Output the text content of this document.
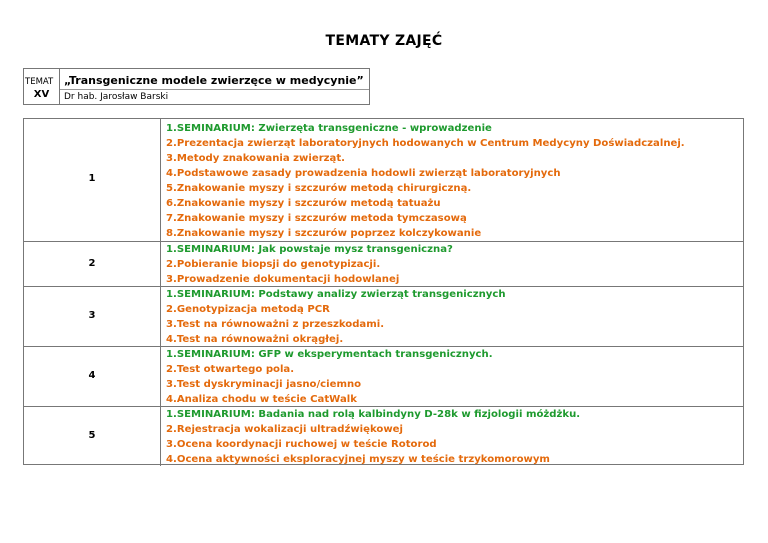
TEMATY ZAJĘĆ
TEMAT
XV
„Transgeniczne modele zwierzęce w medycynie”
Dr hab. Jarosław Barski
1
1.SEMINARIUM: Zwierzęta transgeniczne - wprowadzenie
2.Prezentacja zwierząt laboratoryjnych hodowanych w Centrum Medycyny Doświadczalnej.
3.Metody znakowania zwierząt.
4.Podstawowe zasady prowadzenia hodowli zwierząt laboratoryjnych
5.Znakowanie myszy i szczurów metodą chirurgiczną.
6.Znakowanie myszy i szczurów metodą tatuażu
7.Znakowanie myszy i szczurów metoda tymczasową
8.Znakowanie myszy i szczurów poprzez kolczykowanie
2
1.SEMINARIUM: Jak powstaje mysz transgeniczna?
2.Pobieranie biopsji do genotypizacji.
3.Prowadzenie dokumentacji hodowlanej
3
1.SEMINARIUM: Podstawy analizy zwierząt transgenicznych
2.Genotypizacja metodą PCR
3.Test na równoważni z przeszkodami.
4.Test na równoważni okrągłej.
4
1.SEMINARIUM: GFP w eksperymentach transgenicznych.
2.Test otwartego pola.
3.Test dyskryminacji jasno/ciemno
4.Analiza chodu w teście CatWalk
5
1.SEMINARIUM: Badania nad rolą kalbindyny D-28k w fizjologii móżdżku.
2.Rejestracja wokalizacji ultradźwiękowej
3.Ocena koordynacji ruchowej w teście Rotorod
4.Ocena aktywności eksploracyjnej myszy w teście trzykomorowym
